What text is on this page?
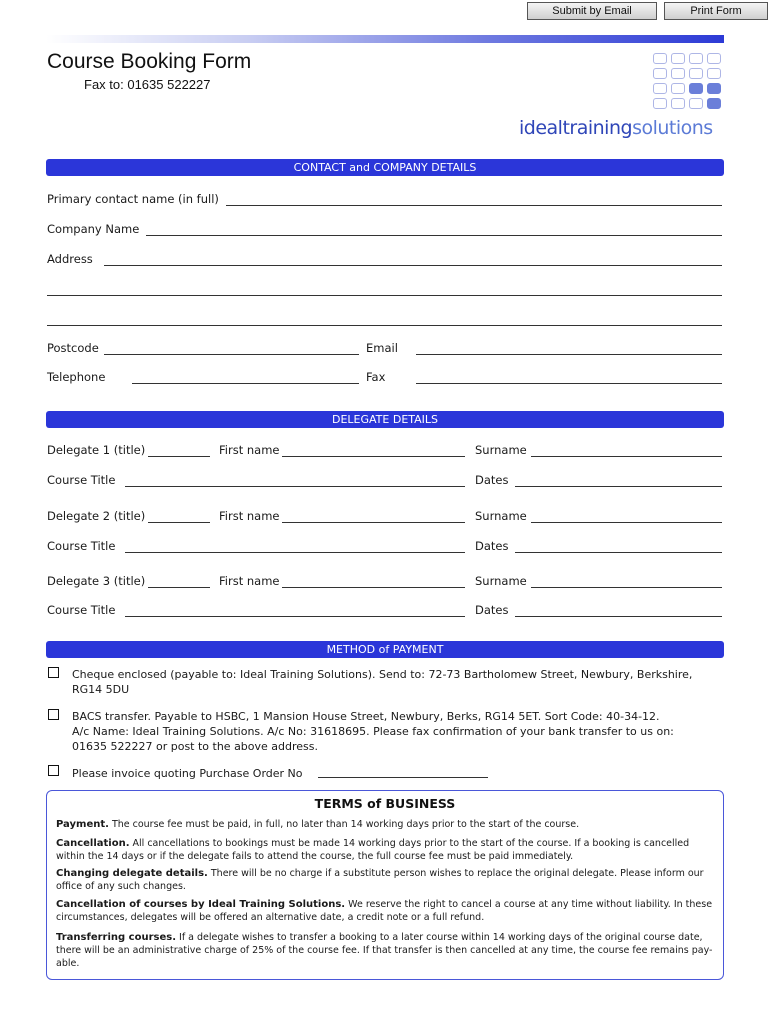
Submit by Email	Print Form
Course Booking Form
Fax to: 01635 522227
idealtrainingsolutions
CONTACT and COMPANY DETAILS
Primary contact name (in full)
Company Name
Address
Postcode	Email
Telephone	Fax
DELEGATE DETAILS
Delegate 1 (title)	First name	Surname
Course Title	Dates
Delegate 2 (title)	First name	Surname
Course Title	Dates
Delegate 3 (title)	First name	Surname
Course Title	Dates
METHOD of PAYMENT
Cheque enclosed (payable to: Ideal Training Solutions). Send to: 72-73 Bartholomew Street, Newbury, Berkshire,
RG14 5DU
BACS transfer. Payable to HSBC, 1 Mansion House Street, Newbury, Berks, RG14 5ET. Sort Code: 40-34-12.
A/c Name: Ideal Training Solutions. A/c No: 31618695. Please fax confirmation of your bank transfer to us on:
01635 522227 or post to the above address.
Please invoice quoting Purchase Order No
TERMS of BUSINESS
Payment. The course fee must be paid, in full, no later than 14 working days prior to the start of the course.
Cancellation. All cancellations to bookings must be made 14 working days prior to the start of the course. If a booking is cancelled
within the 14 days or if the delegate fails to attend the course, the full course fee must be paid immediately.
Changing delegate details. There will be no charge if a substitute person wishes to replace the original delegate. Please inform our
office of any such changes.
Cancellation of courses by Ideal Training Solutions. We reserve the right to cancel a course at any time without liability. In these
circumstances, delegates will be offered an alternative date, a credit note or a full refund.
Transferring courses. If a delegate wishes to transfer a booking to a later course within 14 working days of the original course date,
there will be an administrative charge of 25% of the course fee. If that transfer is then cancelled at any time, the course fee remains pay-
able.
